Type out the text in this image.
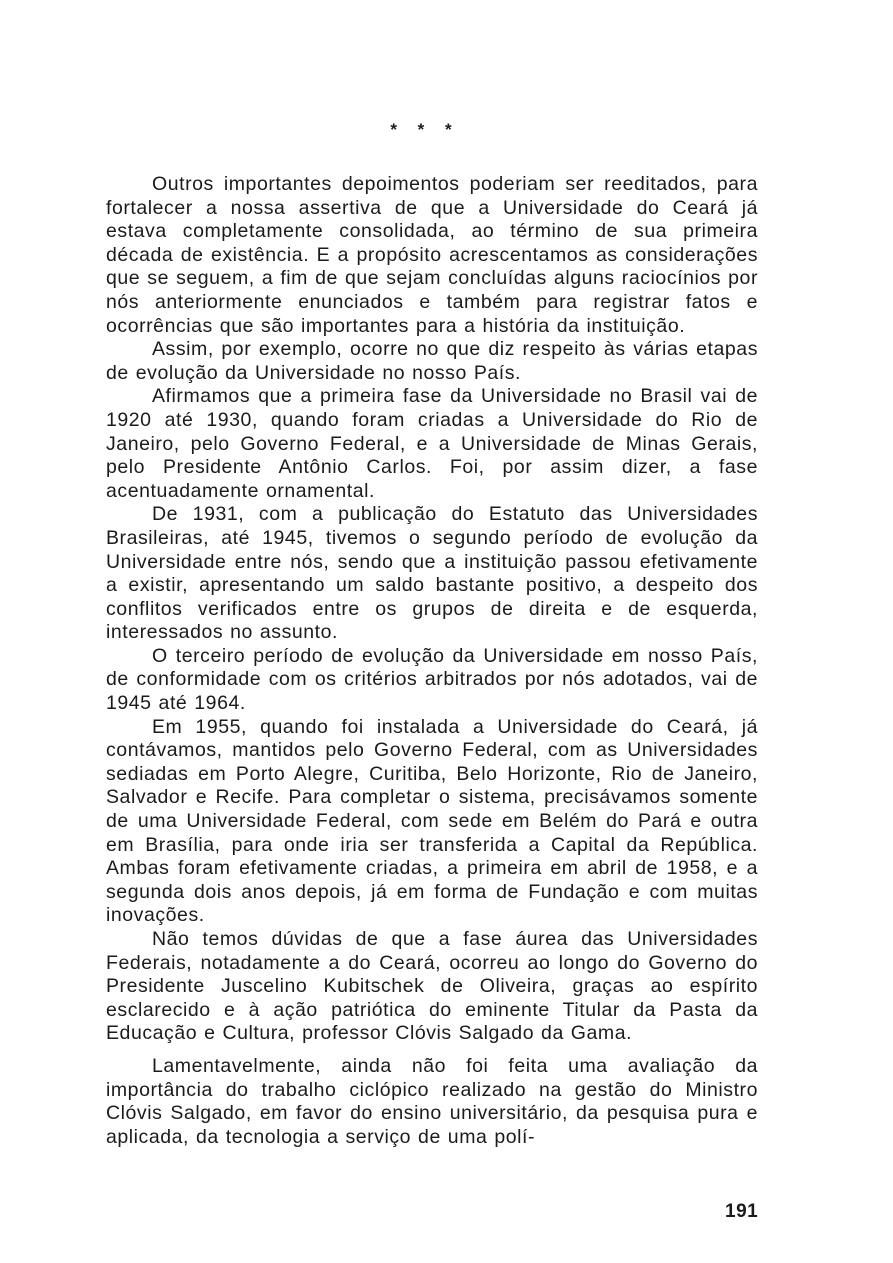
* * *

Outros importantes depoimentos poderiam ser reeditados, para fortalecer a nossa assertiva de que a Universidade do Ceará já estava completamente consolidada, ao término de sua primeira década de existência. E a propósito acrescentamos as considerações que se seguem, a fim de que sejam concluídas alguns raciocínios por nós anteriormente enunciados e também para registrar fatos e ocorrências que são importantes para a história da instituição.

Assim, por exemplo, ocorre no que diz respeito às várias etapas de evolução da Universidade no nosso País.

Afirmamos que a primeira fase da Universidade no Brasil vai de 1920 até 1930, quando foram criadas a Universidade do Rio de Janeiro, pelo Governo Federal, e a Universidade de Minas Gerais, pelo Presidente Antônio Carlos. Foi, por assim dizer, a fase acentuadamente ornamental.

De 1931, com a publicação do Estatuto das Universidades Brasileiras, até 1945, tivemos o segundo período de evolução da Universidade entre nós, sendo que a instituição passou efetivamente a existir, apresentando um saldo bastante positivo, a despeito dos conflitos verificados entre os grupos de direita e de esquerda, interessados no assunto.

O terceiro período de evolução da Universidade em nosso País, de conformidade com os critérios arbitrados por nós adotados, vai de 1945 até 1964.

Em 1955, quando foi instalada a Universidade do Ceará, já contávamos, mantidos pelo Governo Federal, com as Universidades sediadas em Porto Alegre, Curitiba, Belo Horizonte, Rio de Janeiro, Salvador e Recife. Para completar o sistema, precisávamos somente de uma Universidade Federal, com sede em Belém do Pará e outra em Brasília, para onde iria ser transferida a Capital da República. Ambas foram efetivamente criadas, a primeira em abril de 1958, e a segunda dois anos depois, já em forma de Fundação e com muitas inovações.

Não temos dúvidas de que a fase áurea das Universidades Federais, notadamente a do Ceará, ocorreu ao longo do Governo do Presidente Juscelino Kubitschek de Oliveira, graças ao espírito esclarecido e à ação patriótica do eminente Titular da Pasta da Educação e Cultura, professor Clóvis Salgado da Gama.

Lamentavelmente, ainda não foi feita uma avaliação da importância do trabalho ciclópico realizado na gestão do Ministro Clóvis Salgado, em favor do ensino universitário, da pesquisa pura e aplicada, da tecnologia a serviço de uma polí-

191
